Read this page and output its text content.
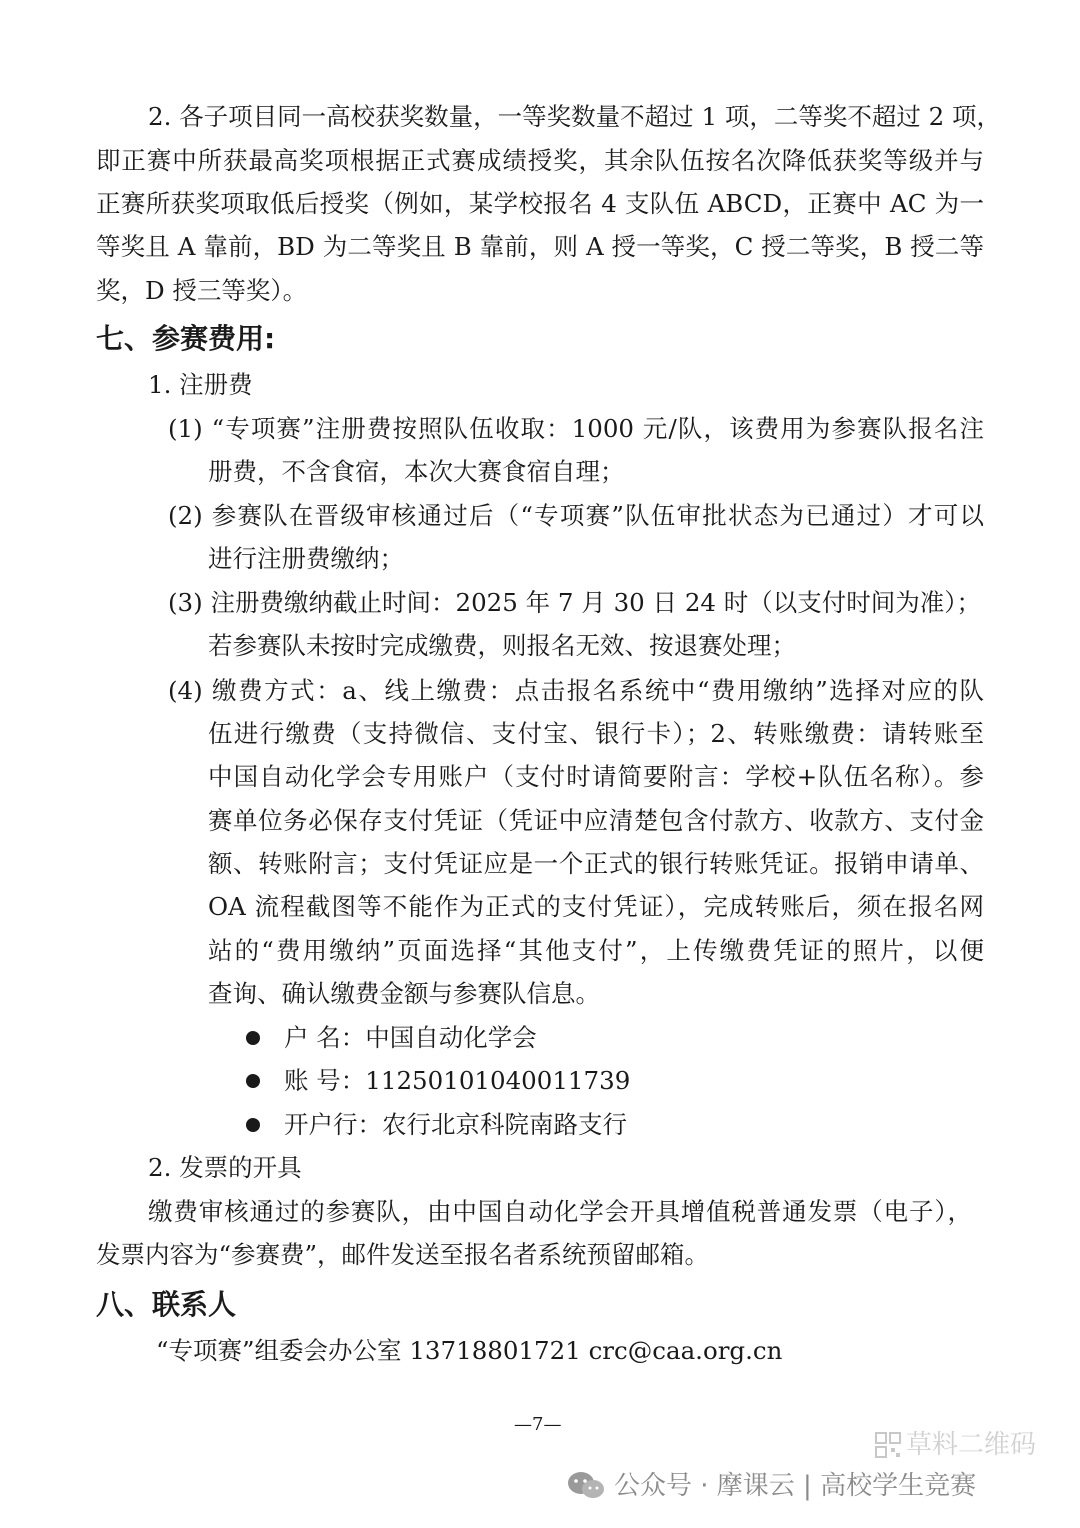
2. 各子项目同一高校获奖数量，一等奖数量不超过 1 项，二等奖不超过 2 项，
即正赛中所获最高奖项根据正式赛成绩授奖，其余队伍按名次降低获奖等级并与
正赛所获奖项取低后授奖（例如，某学校报名 4 支队伍 ABCD，正赛中 AC 为一
等奖且 A 靠前，BD 为二等奖且 B 靠前，则 A 授一等奖，C 授二等奖，B 授二等
奖，D 授三等奖）。
七、参赛费用:
1. 注册费
(1) “专项赛”注册费按照队伍收取：1000 元/队，该费用为参赛队报名注
册费，不含食宿，本次大赛食宿自理；
(2) 参赛队在晋级审核通过后（“专项赛”队伍审批状态为已通过）才可以
进行注册费缴纳；
(3) 注册费缴纳截止时间：2025 年 7 月 30 日 24 时（以支付时间为准）；
若参赛队未按时完成缴费，则报名无效、按退赛处理；
(4) 缴费方式：a、线上缴费：点击报名系统中“费用缴纳”选择对应的队
伍进行缴费（支持微信、支付宝、银行卡）；2、转账缴费：请转账至
中国自动化学会专用账户（支付时请简要附言：学校+队伍名称）。参
赛单位务必保存支付凭证（凭证中应清楚包含付款方、收款方、支付金
额、转账附言；支付凭证应是一个正式的银行转账凭证。报销申请单、
OA 流程截图等不能作为正式的支付凭证），完成转账后，须在报名网
站的“费用缴纳”页面选择“其他支付”，上传缴费凭证的照片，以便
查询、确认缴费金额与参赛队信息。
户 名：中国自动化学会
账 号：11250101040011739
开户行：农行北京科院南路支行
2. 发票的开具
缴费审核通过的参赛队，由中国自动化学会开具增值税普通发票（电子），
发票内容为“参赛费”，邮件发送至报名者系统预留邮箱。
八、联系人
“专项赛”组委会办公室 13718801721 crc@caa.org.cn
—7—
草料二维码
公众号 · 摩课云 | 高校学生竞赛
